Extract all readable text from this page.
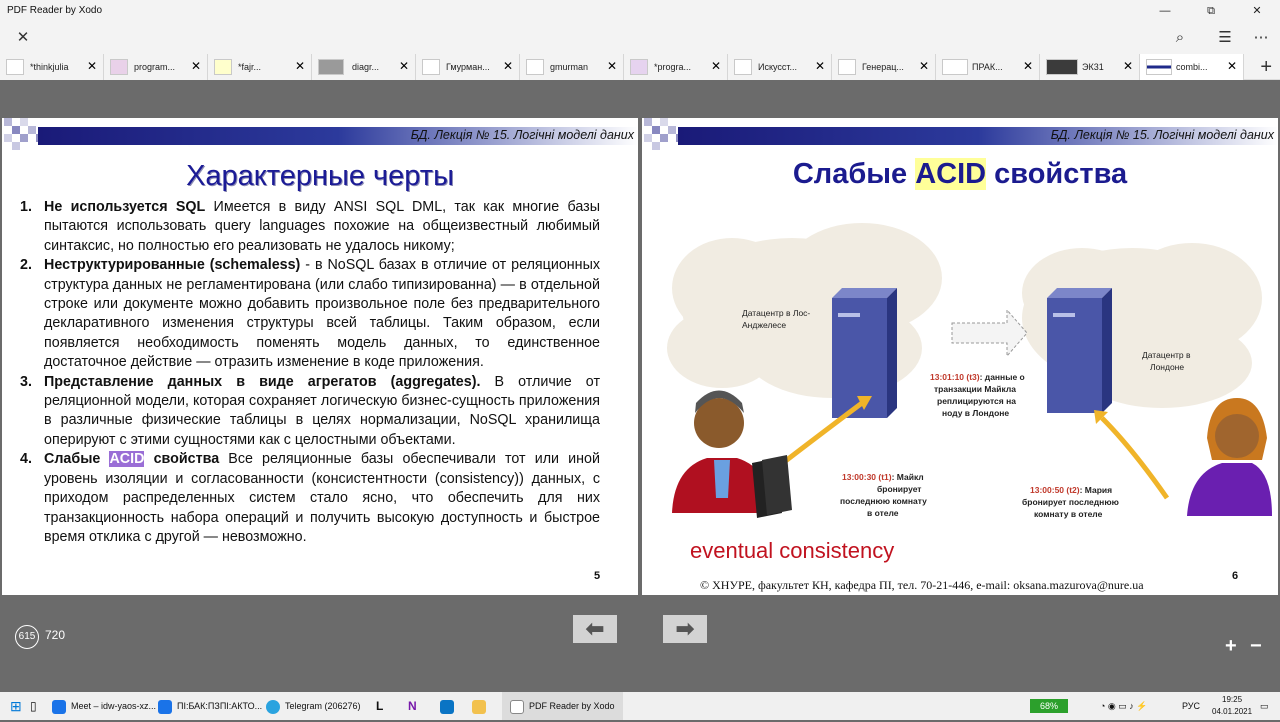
PDF Reader by Xodo	—	⧉	✕
✕	⌕	☰	⋯
*thinkjulia	✕	program...	✕	*fajr...	✕	diagr...	✕	Гмурман...	✕	gmurman	✕	*progra...	✕	Искусст...	✕	Генерац...	✕	ПРАК...	✕	ЭК31	✕	combi...	✕ +
БД. Лекція № 15. Логічні моделі даних
Характерные черты
1. Не используется SQL Имеется в виду ANSI SQL DML, так как многие базы пытаются использовать query languages похожие на общеизвестный любимый синтаксис, но полностью его реализовать не удалось никому;
2. Неструктурированные (schemaless) - в NoSQL базах в отличие от реляционных структура данных не регламентирована (или слабо типизированна) — в отдельной строке или документе можно добавить произвольное поле без предварительного декларативного изменения структуры всей таблицы. Таким образом, если появляется необходимость поменять модель данных, то единственное достаточное действие — отразить изменение в коде приложения.
3. Представление данных в виде агрегатов (aggregates). В отличие от реляционной модели, которая сохраняет логическую бизнес-сущность приложения в различные физические таблицы в целях нормализации, NoSQL хранилища оперируют с этими сущностями как с целостными объектами.
4. Слабые ACID свойства Все реляционные базы обеспечивали тот или иной уровень изоляции и согласованности (консистентности (consistency)) данных, с приходом распределенных систем стало ясно, что обеспечить для них транзакционность набора операций и получить высокую доступность и быстрое время отклика с другой — невозможно.
5
БД. Лекція № 15. Логічні моделі даних
Слабые ACID свойства
Датацентр в Лос-
Анджелесе
Датацентр в
Лондоне
13:01:10 (t3): данные о
транзакции Майкла
реплицируются на
ноду в Лондоне
13:00:30 (t1): Майкл
бронирует
последнюю комнату
в отеле
13:00:50 (t2): Мария
бронирует последнюю
комнату в отеле
eventual consistency
© ХНУРЕ, факультет КН, кафедра ПІ, тел. 70-21-446, e-mail: oksana.mazurova@nure.ua
6
615 720	⬅	➡
+ −
⊞ ▯	Meet – idw-yaos-xz...	ПІ:БАК:ПЗПІ:АКТО...	Telegram (206276) L N	PDF Reader by Xodo	68%	◔ ◉ ▭ ♪ ⚡	РУС
19:25
04.01.2021
▭
